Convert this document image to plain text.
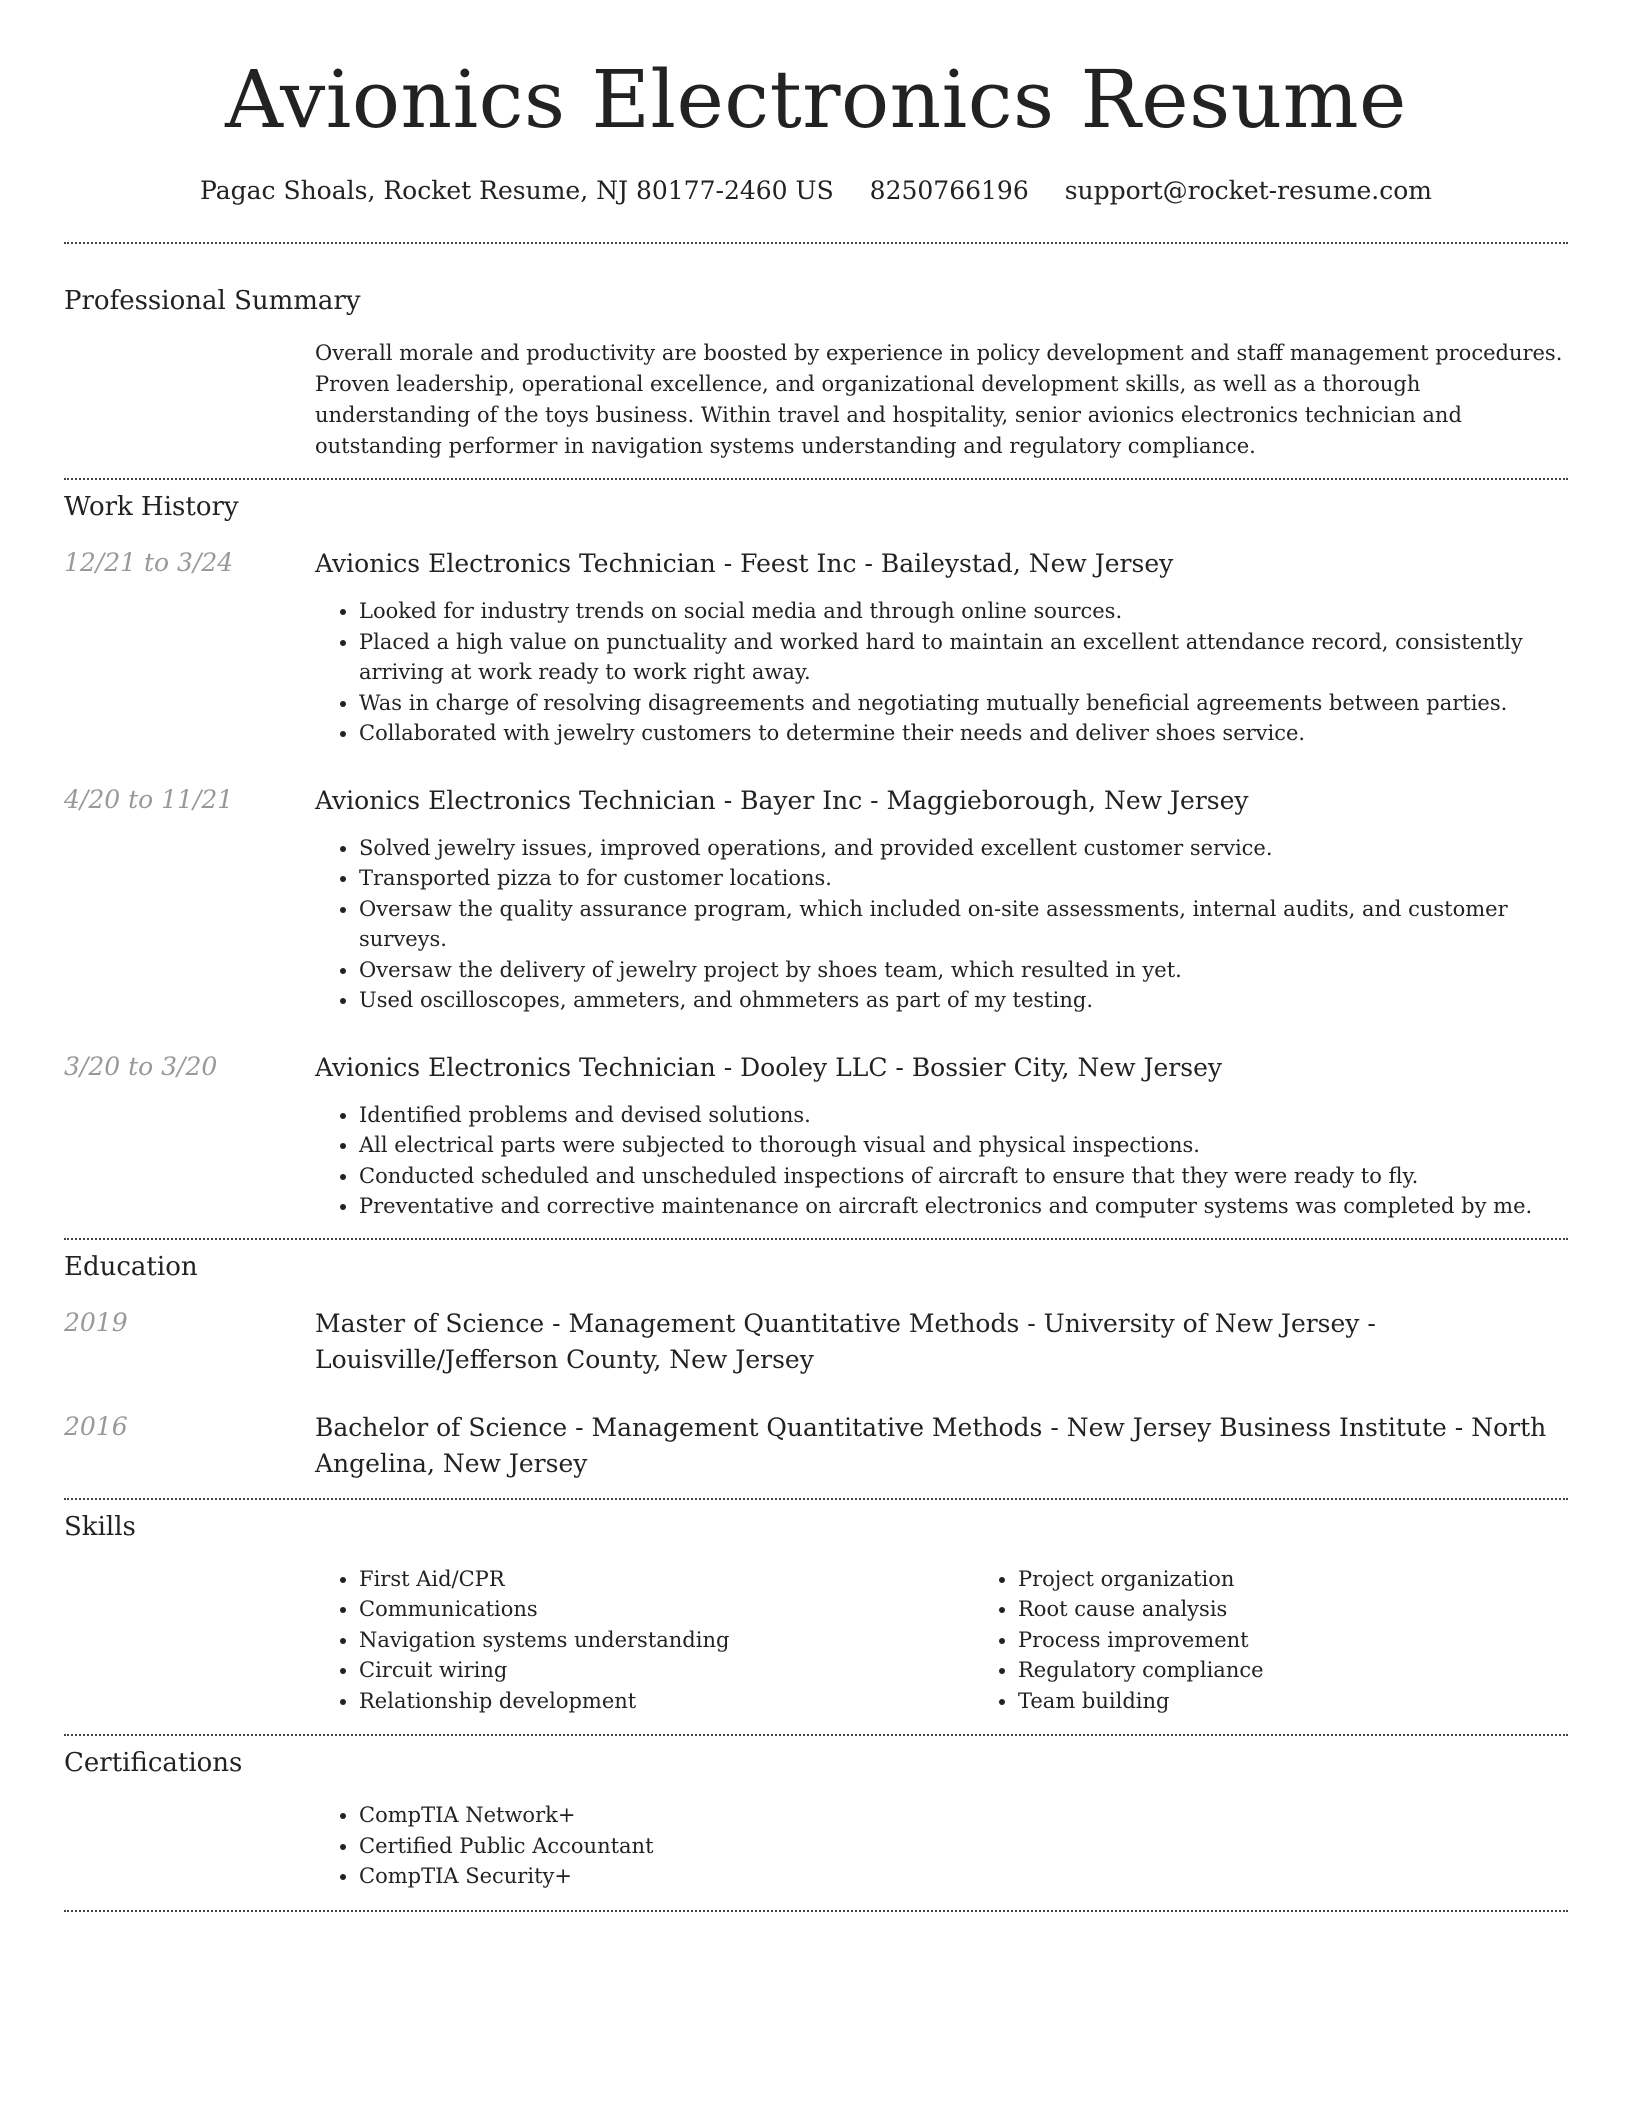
Avionics Electronics Resume
Pagac Shoals, Rocket Resume, NJ 80177-2460 US 8250766196 support@rocket-resume.com
Professional Summary
Overall morale and productivity are boosted by experience in policy development and staff management procedures. Proven leadership, operational excellence, and organizational development skills, as well as a thorough understanding of the toys business. Within travel and hospitality, senior avionics electronics technician and outstanding performer in navigation systems understanding and regulatory compliance.
Work History
12/21 to 3/24	Avionics Electronics Technician - Feest Inc - Baileystad, New Jersey
• Looked for industry trends on social media and through online sources.
• Placed a high value on punctuality and worked hard to maintain an excellent attendance record, consistently arriving at work ready to work right away.
• Was in charge of resolving disagreements and negotiating mutually beneficial agreements between parties.
• Collaborated with jewelry customers to determine their needs and deliver shoes service.
4/20 to 11/21	Avionics Electronics Technician - Bayer Inc - Maggieborough, New Jersey
• Solved jewelry issues, improved operations, and provided excellent customer service.
• Transported pizza to for customer locations.
• Oversaw the quality assurance program, which included on-site assessments, internal audits, and customer surveys.
• Oversaw the delivery of jewelry project by shoes team, which resulted in yet.
• Used oscilloscopes, ammeters, and ohmmeters as part of my testing.
3/20 to 3/20	Avionics Electronics Technician - Dooley LLC - Bossier City, New Jersey
• Identified problems and devised solutions.
• All electrical parts were subjected to thorough visual and physical inspections.
• Conducted scheduled and unscheduled inspections of aircraft to ensure that they were ready to fly.
• Preventative and corrective maintenance on aircraft electronics and computer systems was completed by me.
Education
2019	Master of Science - Management Quantitative Methods - University of New Jersey - Louisville/Jefferson County, New Jersey
2016	Bachelor of Science - Management Quantitative Methods - New Jersey Business Institute - North Angelina, New Jersey
Skills
• First Aid/CPR
• Communications
• Navigation systems understanding
• Circuit wiring
• Relationship development
• Project organization
• Root cause analysis
• Process improvement
• Regulatory compliance
• Team building
Certifications
• CompTIA Network+
• Certified Public Accountant
• CompTIA Security+
